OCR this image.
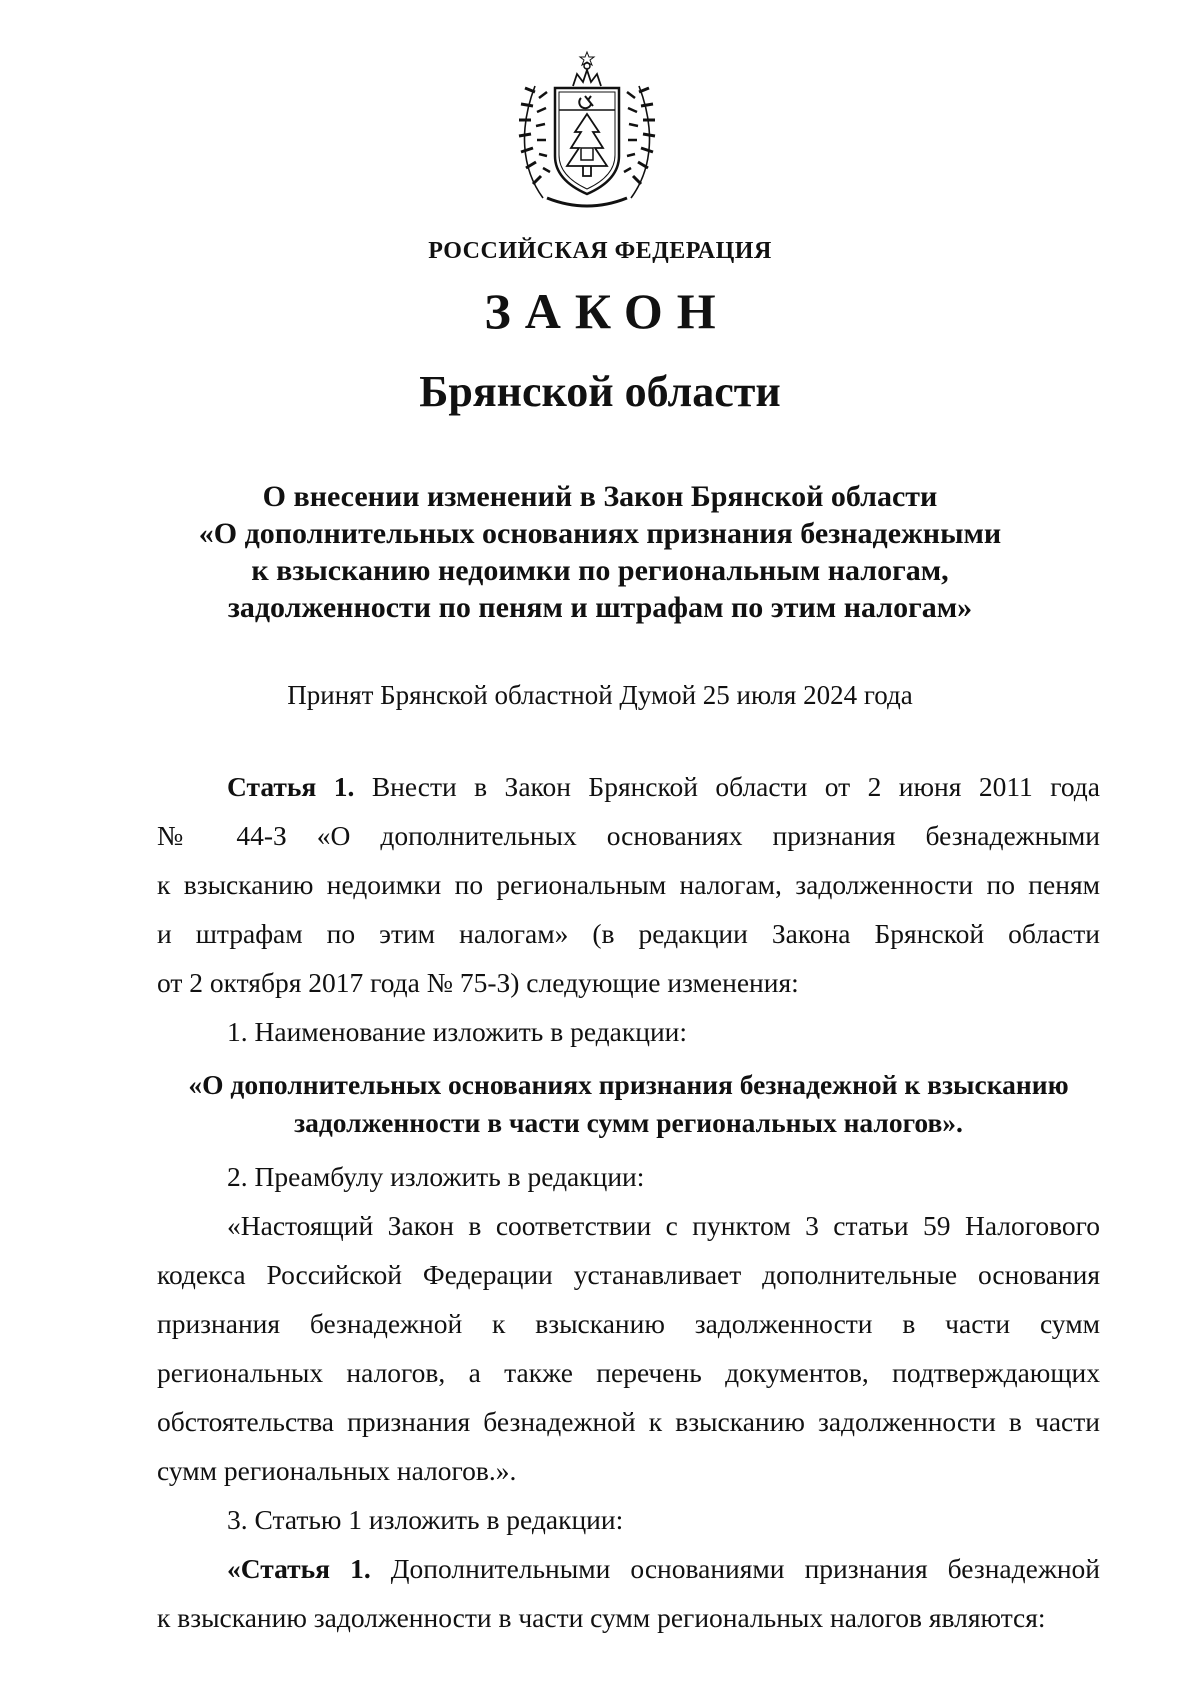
РОССИЙСКАЯ ФЕДЕРАЦИЯ
ЗАКОН
Брянской области
О внесении изменений в Закон Брянской области
«О дополнительных основаниях признания безнадежными
к взысканию недоимки по региональным налогам,
задолженности по пеням и штрафам по этим налогам»
Принят Брянской областной Думой 25 июля 2024 года
Статья 1. Внести в Закон Брянской области от 2 июня 2011 года
№ 44-З «О дополнительных основаниях признания безнадежными
к взысканию недоимки по региональным налогам, задолженности по пеням
и штрафам по этим налогам» (в редакции Закона Брянской области
от 2 октября 2017 года № 75-З) следующие изменения:
1. Наименование изложить в редакции:
«О дополнительных основаниях признания безнадежной к взысканию
задолженности в части сумм региональных налогов».
2. Преамбулу изложить в редакции:
«Настоящий Закон в соответствии с пунктом 3 статьи 59 Налогового
кодекса Российской Федерации устанавливает дополнительные основания
признания безнадежной к взысканию задолженности в части сумм
региональных налогов, а также перечень документов, подтверждающих
обстоятельства признания безнадежной к взысканию задолженности в части
сумм региональных налогов.».
3. Статью 1 изложить в редакции:
«Статья 1. Дополнительными основаниями признания безнадежной
к взысканию задолженности в части сумм региональных налогов являются:
